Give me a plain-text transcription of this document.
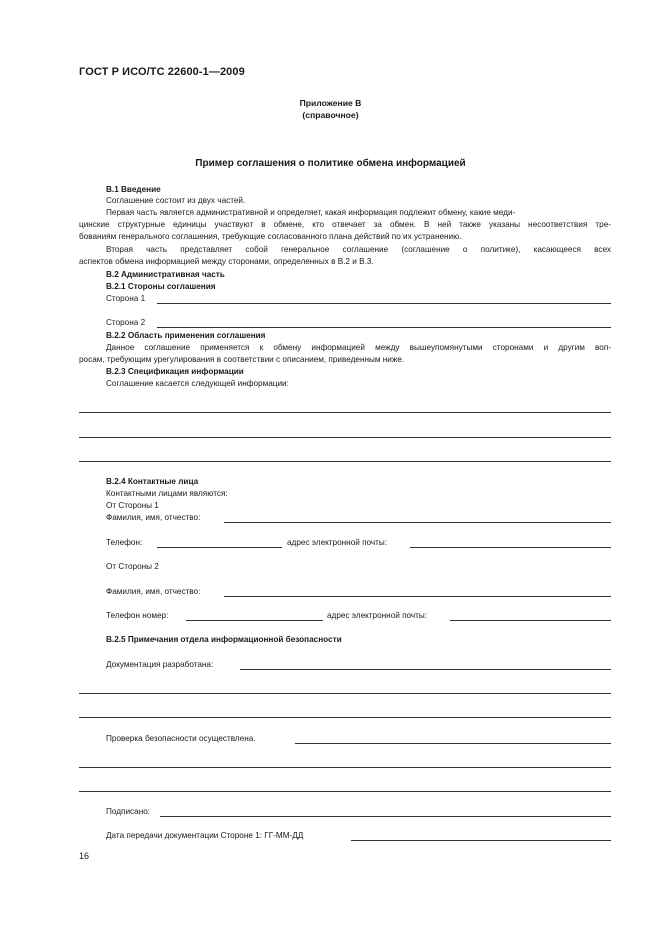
ГОСТ Р ИСО/ТС 22600-1—2009
Приложение В
(справочное)
Пример соглашения о политике обмена информацией
В.1 Введение
Соглашение состоит из двух частей.
Первая часть является административной и определяет, какая информация подлежит обмену, какие меди-
цинские структурные единицы участвуют в обмене, кто отвечает за обмен. В ней также указаны несоответствия тре-
бованиям генерального соглашения, требующие согласованного плана действий по их устранению.
Вторая часть представляет собой генеральное соглашение (соглашение о политике), касающееся всех
аспектов обмена информацией между сторонами, определенных в В.2 и В.3.
В.2 Административная часть
В.2.1 Стороны соглашения
Сторона 1
Сторона 2
В.2.2 Область применения соглашения
Данное соглашение применяется к обмену информацией между вышеупомянутыми сторонами и другим воп-
росам, требующим урегулирования в соответствии с описанием, приведенным ниже.
В.2.3 Спецификация информации
Соглашение касается следующей информации:
В.2.4 Контактные лица
Контактными лицами являются:
От Стороны 1
Фамилия, имя, отчество:
Телефон:	адрес электронной почты:
От Стороны 2
Фамилия, имя, отчество:
Телефон номер:	адрес электронной почты:
В.2.5 Примечания отдела информационной безопасности
Документация разработана:
Проверка безопасности осуществлена.
Подписано:
Дата передачи документации Стороне 1: ГГ-ММ-ДД
16
